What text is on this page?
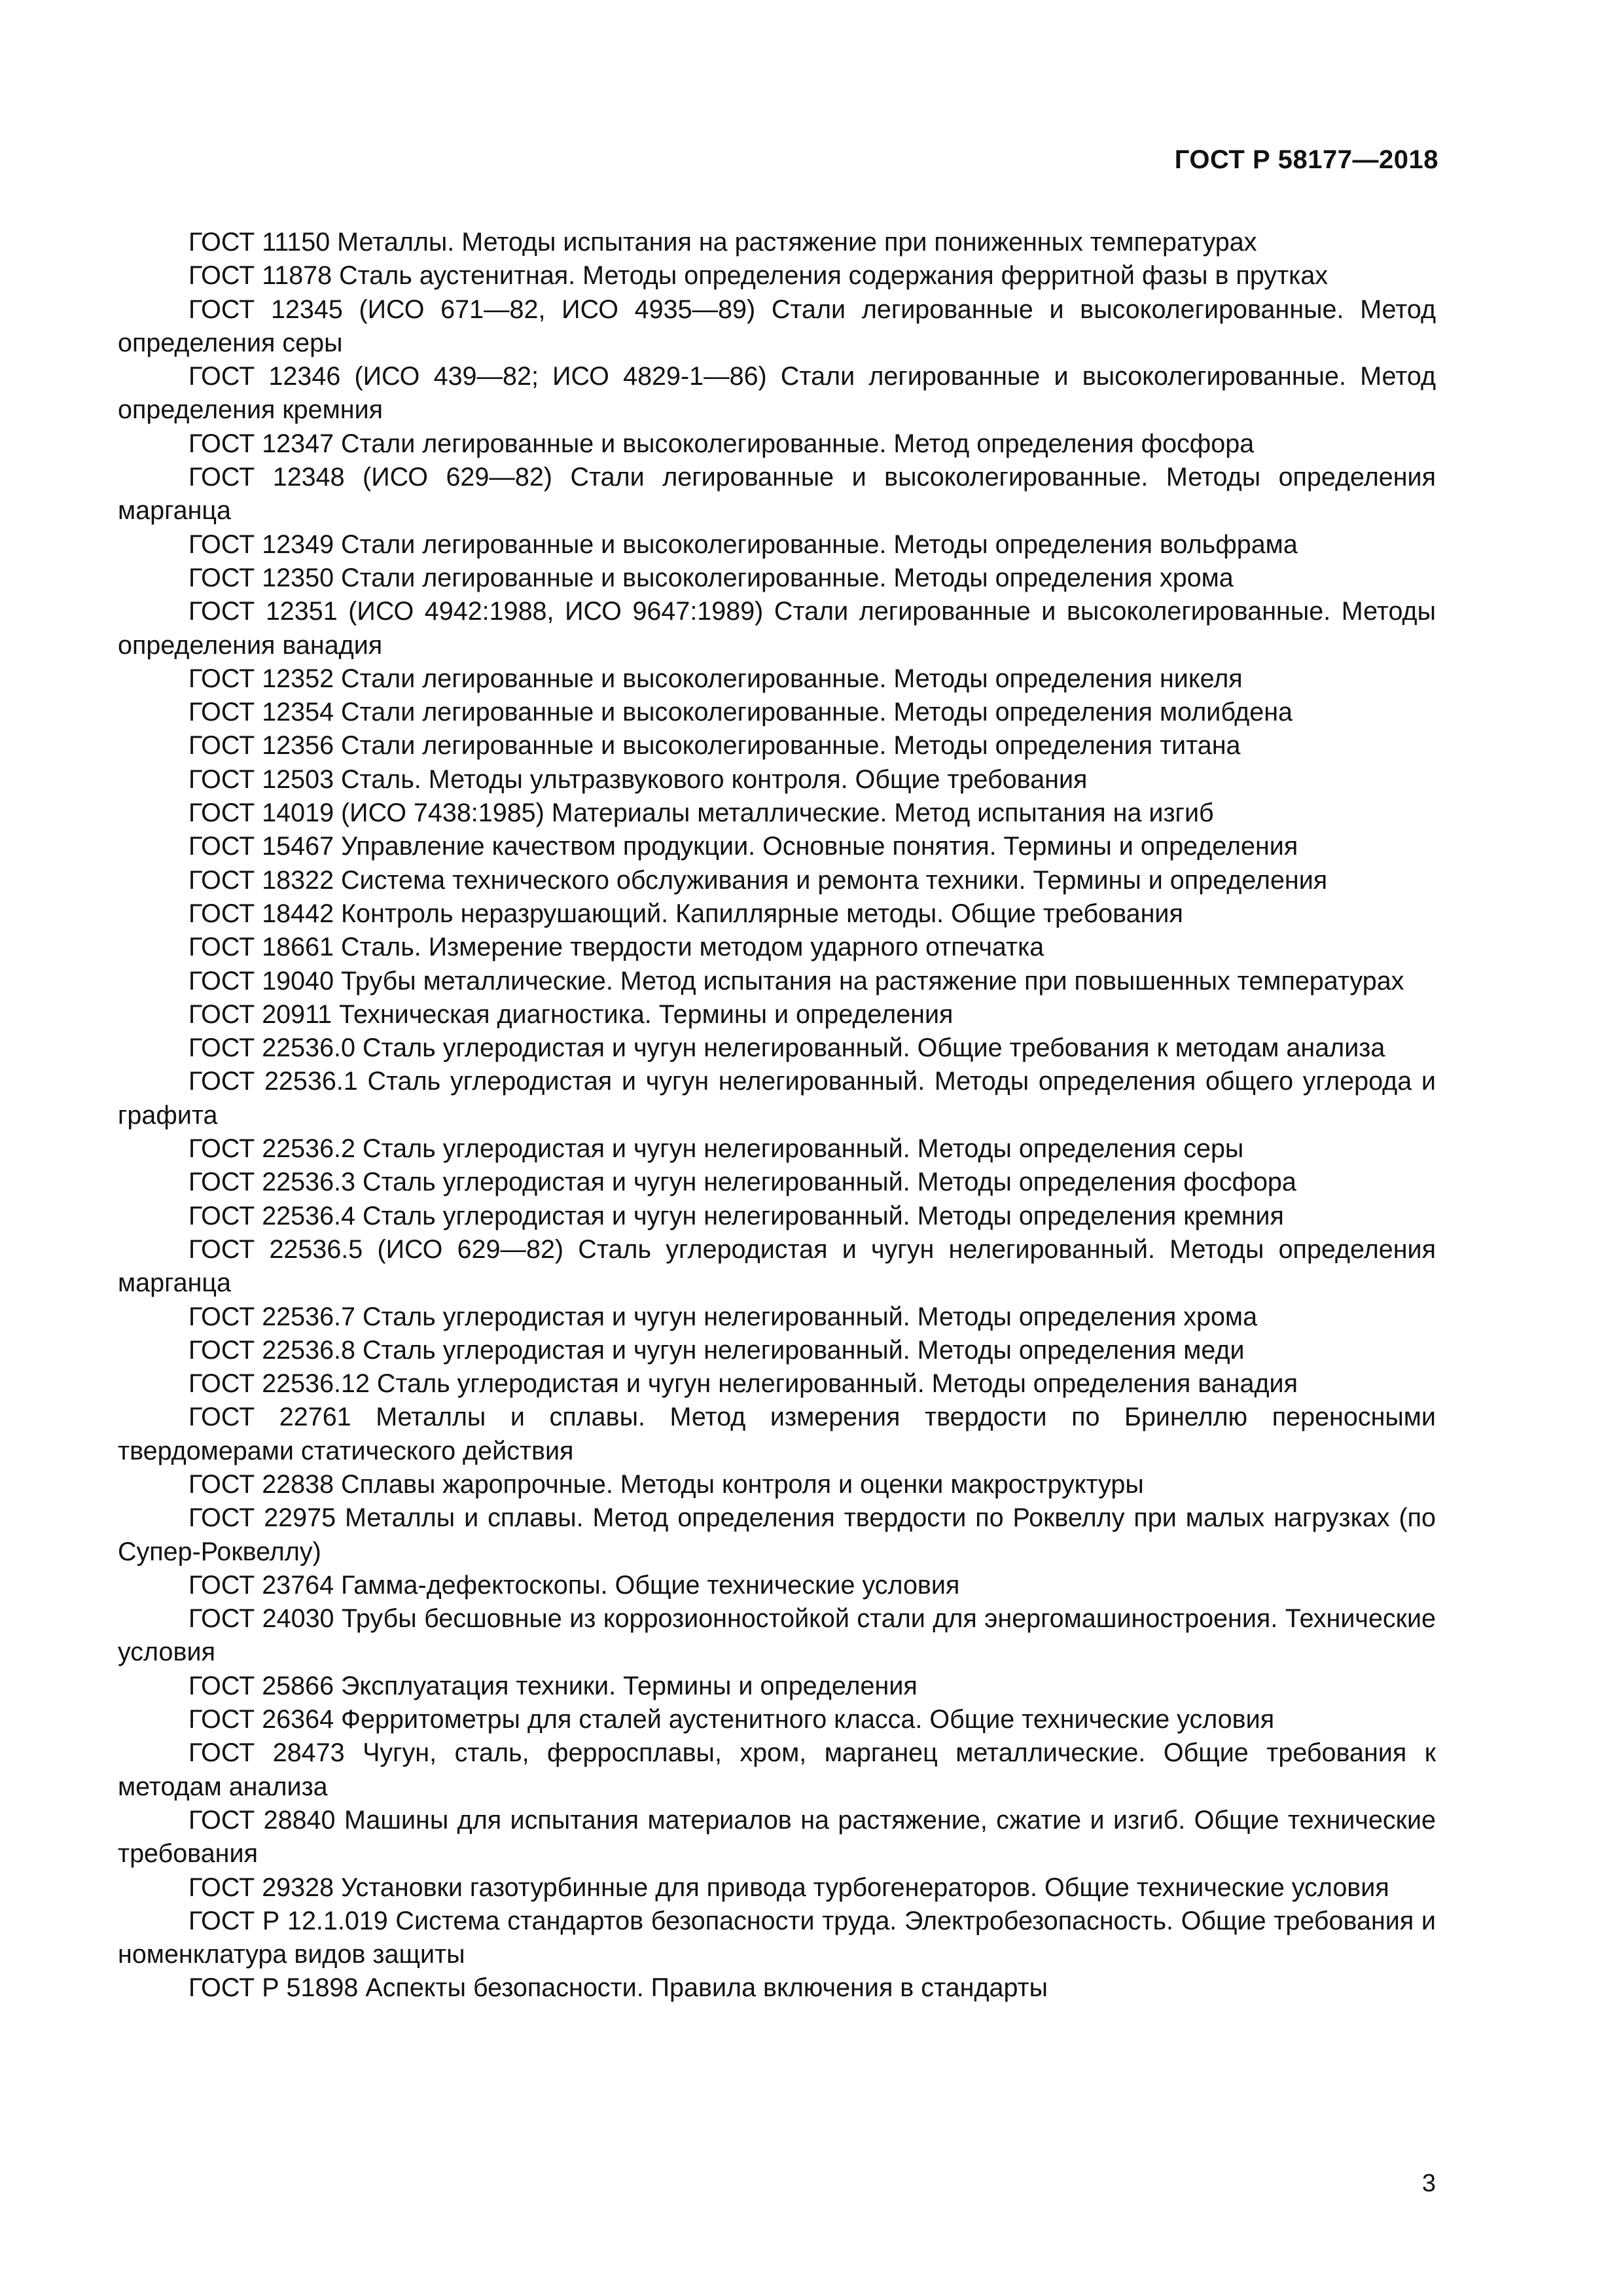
ГОСТ Р 58177—2018

ГОСТ 11150 Металлы. Методы испытания на растяжение при пониженных температурах

ГОСТ 11878 Сталь аустенитная. Методы определения содержания ферритной фазы в прутках

ГОСТ 12345 (ИСО 671—82, ИСО 4935—89) Стали легированные и высоколегированные. Метод определения серы

ГОСТ 12346 (ИСО 439—82; ИСО 4829-1—86) Стали легированные и высоколегированные. Метод определения кремния

ГОСТ 12347 Стали легированные и высоколегированные. Метод определения фосфора

ГОСТ 12348 (ИСО 629—82) Стали легированные и высоколегированные. Методы определения марганца

ГОСТ 12349 Стали легированные и высоколегированные. Методы определения вольфрама

ГОСТ 12350 Стали легированные и высоколегированные. Методы определения хрома

ГОСТ 12351 (ИСО 4942:1988, ИСО 9647:1989) Стали легированные и высоколегированные. Методы определения ванадия

ГОСТ 12352 Стали легированные и высоколегированные. Методы определения никеля

ГОСТ 12354 Стали легированные и высоколегированные. Методы определения молибдена

ГОСТ 12356 Стали легированные и высоколегированные. Методы определения титана

ГОСТ 12503 Сталь. Методы ультразвукового контроля. Общие требования

ГОСТ 14019 (ИСО 7438:1985) Материалы металлические. Метод испытания на изгиб

ГОСТ 15467 Управление качеством продукции. Основные понятия. Термины и определения

ГОСТ 18322 Система технического обслуживания и ремонта техники. Термины и определения

ГОСТ 18442 Контроль неразрушающий. Капиллярные методы. Общие требования

ГОСТ 18661 Сталь. Измерение твердости методом ударного отпечатка

ГОСТ 19040 Трубы металлические. Метод испытания на растяжение при повышенных температурах

ГОСТ 20911 Техническая диагностика. Термины и определения

ГОСТ 22536.0 Сталь углеродистая и чугун нелегированный. Общие требования к методам анализа

ГОСТ 22536.1 Сталь углеродистая и чугун нелегированный. Методы определения общего углерода и графита

ГОСТ 22536.2 Сталь углеродистая и чугун нелегированный. Методы определения серы

ГОСТ 22536.3 Сталь углеродистая и чугун нелегированный. Методы определения фосфора

ГОСТ 22536.4 Сталь углеродистая и чугун нелегированный. Методы определения кремния

ГОСТ 22536.5 (ИСО 629—82) Сталь углеродистая и чугун нелегированный. Методы определения марганца

ГОСТ 22536.7 Сталь углеродистая и чугун нелегированный. Методы определения хрома

ГОСТ 22536.8 Сталь углеродистая и чугун нелегированный. Методы определения меди

ГОСТ 22536.12 Сталь углеродистая и чугун нелегированный. Методы определения ванадия

ГОСТ 22761 Металлы и сплавы. Метод измерения твердости по Бринеллю переносными твердомерами статического действия

ГОСТ 22838 Сплавы жаропрочные. Методы контроля и оценки макроструктуры

ГОСТ 22975 Металлы и сплавы. Метод определения твердости по Роквеллу при малых нагрузках (по Супер-Роквеллу)

ГОСТ 23764 Гамма-дефектоскопы. Общие технические условия

ГОСТ 24030 Трубы бесшовные из коррозионностойкой стали для энергомашиностроения. Технические условия

ГОСТ 25866 Эксплуатация техники. Термины и определения

ГОСТ 26364 Ферритометры для сталей аустенитного класса. Общие технические условия

ГОСТ 28473 Чугун, сталь, ферросплавы, хром, марганец металлические. Общие требования к методам анализа

ГОСТ 28840 Машины для испытания материалов на растяжение, сжатие и изгиб. Общие технические требования

ГОСТ 29328 Установки газотурбинные для привода турбогенераторов. Общие технические условия

ГОСТ Р 12.1.019 Система стандартов безопасности труда. Электробезопасность. Общие требования и номенклатура видов защиты

ГОСТ Р 51898 Аспекты безопасности. Правила включения в стандарты

3
